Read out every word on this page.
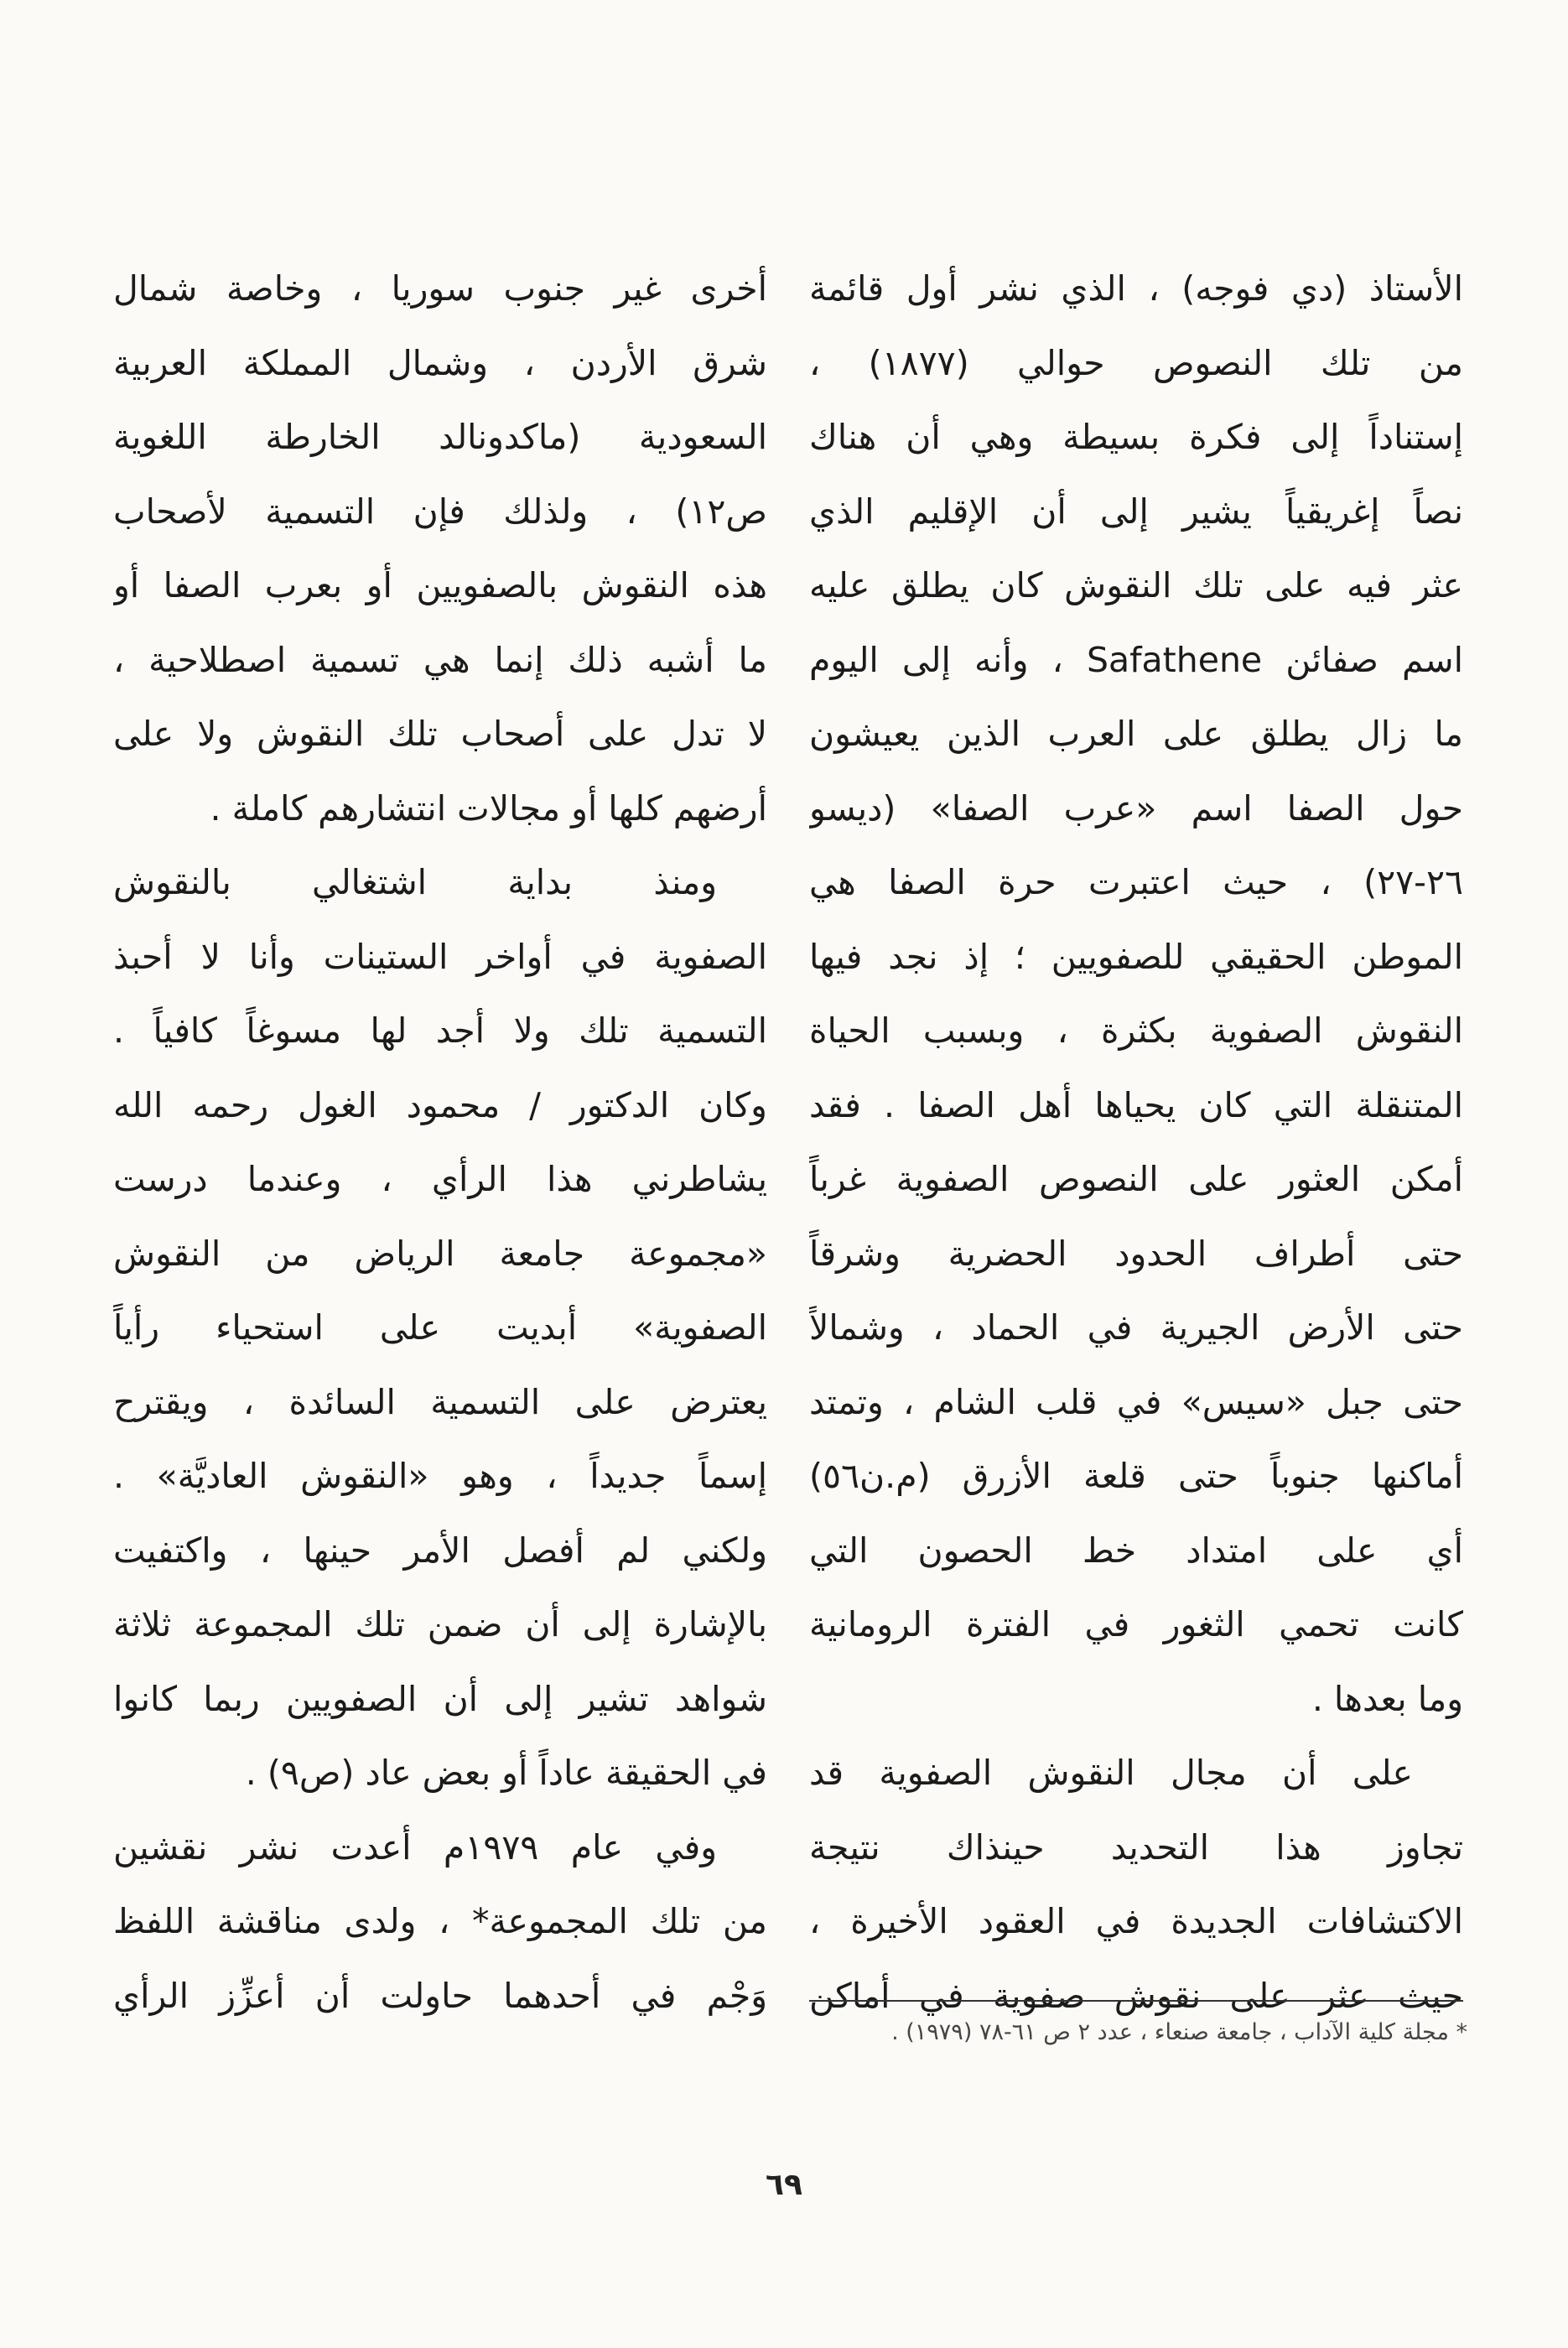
الأستاذ (دي فوجه) ، الذي نشر أول قائمة
من تلك النصوص حوالي (١٨٧٧) ،
إستناداً إلى فكرة بسيطة وهي أن هناك
نصاً إغريقياً يشير إلى أن الإقليم الذي
عثر فيه على تلك النقوش كان يطلق عليه
اسم صفائن Safathene ، وأنه إلى اليوم
ما زال يطلق على العرب الذين يعيشون
حول الصفا اسم «عرب الصفا» (ديسو
٢٦-٢٧) ، حيث اعتبرت حرة الصفا هي
الموطن الحقيقي للصفويين ؛ إذ نجد فيها
النقوش الصفوية بكثرة ، وبسبب الحياة
المتنقلة التي كان يحياها أهل الصفا . فقد
أمكن العثور على النصوص الصفوية غرباً
حتى أطراف الحدود الحضرية وشرقاً
حتى الأرض الجيرية في الحماد ، وشمالاً
حتى جبل «سيس» في قلب الشام ، وتمتد
أماكنها جنوباً حتى قلعة الأزرق (م.ن٥٦)
أي على امتداد خط الحصون التي
كانت تحمي الثغور في الفترة الرومانية
وما بعدها .
على أن مجال النقوش الصفوية قد
تجاوز هذا التحديد حينذاك نتيجة
الاكتشافات الجديدة في العقود الأخيرة ،
حيث عثر على نقوش صفوية في أماكن
أخرى غير جنوب سوريا ، وخاصة شمال
شرق الأردن ، وشمال المملكة العربية
السعودية (ماكدونالد الخارطة اللغوية
ص١٢) ، ولذلك فإن التسمية لأصحاب
هذه النقوش بالصفويين أو بعرب الصفا أو
ما أشبه ذلك إنما هي تسمية اصطلاحية ،
لا تدل على أصحاب تلك النقوش ولا على
أرضهم كلها أو مجالات انتشارهم كاملة .
ومنذ بداية اشتغالي بالنقوش
الصفوية في أواخر الستينات وأنا لا أحبذ
التسمية تلك ولا أجد لها مسوغاً كافياً .
وكان الدكتور / محمود الغول رحمه الله
يشاطرني هذا الرأي ، وعندما درست
«مجموعة جامعة الرياض من النقوش
الصفوية» أبديت على استحياء رأياً
يعترض على التسمية السائدة ، ويقترح
إسماً جديداً ، وهو «النقوش العاديَّة» .
ولكني لم أفصل الأمر حينها ، واكتفيت
بالإشارة إلى أن ضمن تلك المجموعة ثلاثة
شواهد تشير إلى أن الصفويين ربما كانوا
في الحقيقة عاداً أو بعض عاد (ص٩) .
وفي عام ١٩٧٩م أعدت نشر نقشين
من تلك المجموعة* ، ولدى مناقشة اللفظ
وَجْم في أحدهما حاولت أن أعزِّز الرأي
* مجلة كلية الآداب ، جامعة صنعاء ، عدد ٢ ص ٦١-٧٨ (١٩٧٩) .
٦٩
